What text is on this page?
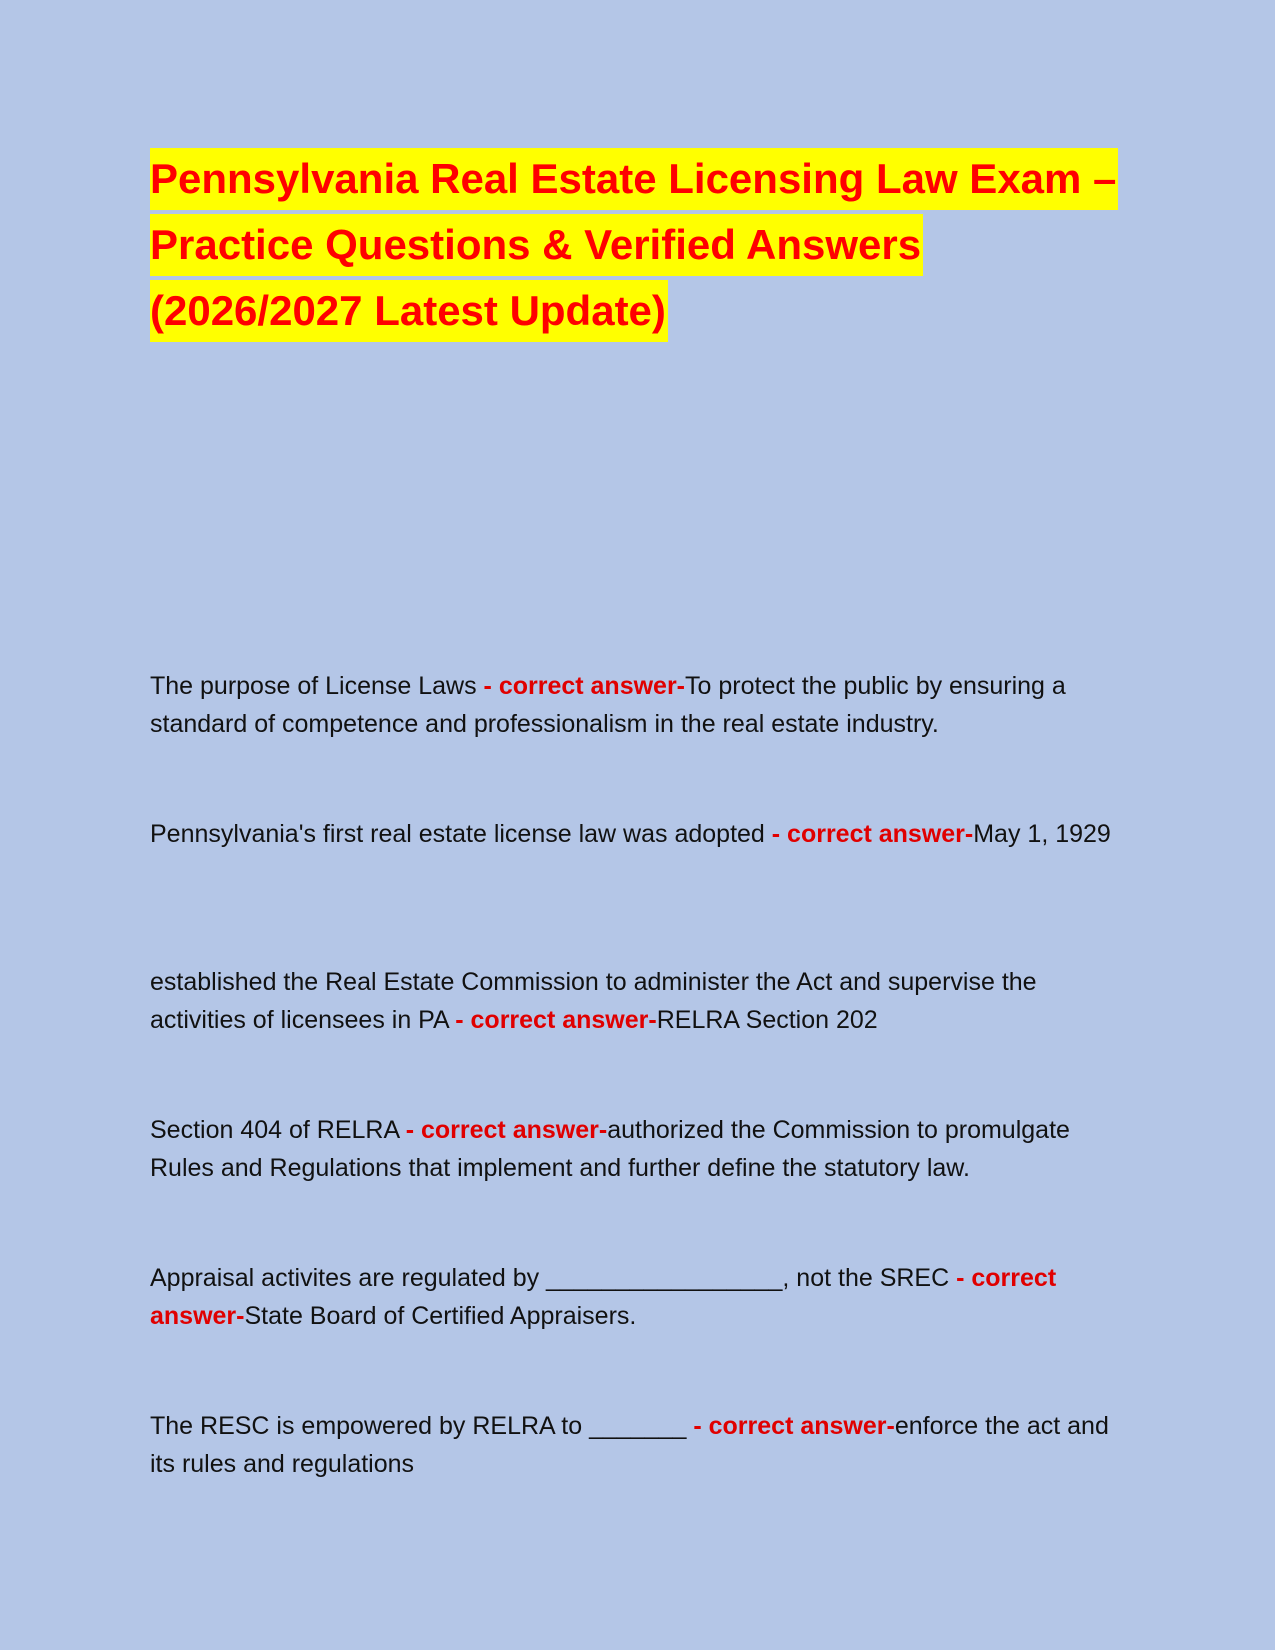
Pennsylvania Real Estate Licensing Law Exam –
Practice Questions & Verified Answers
(2026/2027 Latest Update)

The purpose of License Laws - correct answer-To protect the public by ensuring a standard of competence and professionalism in the real estate industry.

Pennsylvania's first real estate license law was adopted - correct answer-May 1, 1929

established the Real Estate Commission to administer the Act and supervise the activities of licensees in PA - correct answer-RELRA Section 202

Section 404 of RELRA - correct answer-authorized the Commission to promulgate Rules and Regulations that implement and further define the statutory law.

Appraisal activites are regulated by _________________, not the SREC - correct answer-State Board of Certified Appraisers.

The RESC is empowered by RELRA to _______ - correct answer-enforce the act and its rules and regulations
